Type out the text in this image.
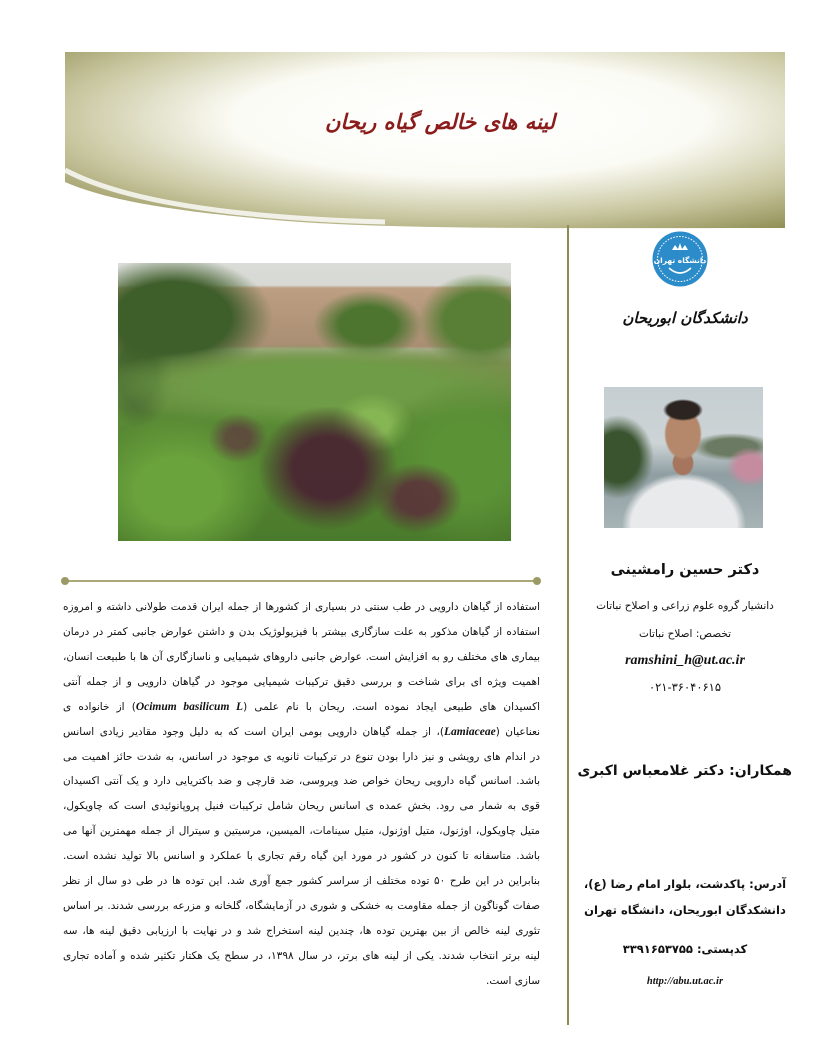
لینه های خالص گیاه ریحان
استفاده از گیاهان دارویی در طب سنتی در بسیاری از کشورها از جمله ایران قدمت طولانی داشته و امروزه
استفاده از گیاهان مذکور به علت سازگاری بیشتر با فیزیولوژیک بدن و داشتن عوارض جانبی کمتر در درمان
بیماری های مختلف رو به افزایش است. عوارض جانبی داروهای شیمیایی و ناسازگاری آن ها با طبیعت انسان،
اهمیت ویژه ای برای شناخت و بررسی دقیق ترکیبات شیمیایی موجود در گیاهان دارویی و از جمله آنتی
اکسیدان های طبیعی ایجاد نموده است. ریحان با نام علمی (Ocimum basilicum L) از خانواده ی
نعناعیان (Lamiaceae)، از جمله گیاهان دارویی بومی ایران است که به دلیل وجود مقادیر زیادی اسانس
در اندام های رویشی و نیز دارا بودن تنوع در ترکیبات ثانویه ی موجود در اسانس، به شدت حائز اهمیت می
باشد. اسانس گیاه دارویی ریحان خواص ضد ویروسی، ضد قارچی و ضد باکتریایی دارد و یک آنتی اکسیدان
قوی به شمار می رود. بخش عمده ی اسانس ریحان شامل ترکیبات فنیل پروپانوئیدی است که چاویکول،
متیل چاویکول، اوژنول، متیل اوژنول، متیل سینامات، المیسین، مرسیتین و سیترال از جمله مهمترین آنها می
باشد. متاسفانه تا کنون در کشور در مورد این گیاه رقم تجاری با عملکرد و اسانس بالا تولید نشده است.
بنابراین در این طرح ۵۰ توده مختلف از سراسر کشور جمع آوری شد. این توده ها در طی دو سال از نظر
صفات گوناگون از جمله مقاومت به خشکی و شوری در آزمایشگاه، گلخانه و مزرعه بررسی شدند. بر اساس
تئوری لینه خالص از بین بهترین توده ها، چندین لینه استخراج شد و در نهایت با ارزیابی دقیق لینه ها، سه
لینه برتر انتخاب شدند. یکی از لینه های برتر، در سال ۱۳۹۸، در سطح یک هکتار تکثیر شده و آماده تجاری
سازی است.
دانشگاه تهران
دانشکدگان ابوریحان
دکتر حسین رامشینی
دانشیار گروه علوم زراعی و اصلاح نباتات
تخصص: اصلاح نباتات
ramshini_h@ut.ac.ir
۰۲۱-۳۶۰۴۰۶۱۵
همکاران: دکتر غلامعباس اکبری
آدرس: پاکدشت، بلوار امام رضا (ع)،
دانشکدگان ابوریحان، دانشگاه تهران
کدپستی: ۳۳۹۱۶۵۳۷۵۵
http://abu.ut.ac.ir
